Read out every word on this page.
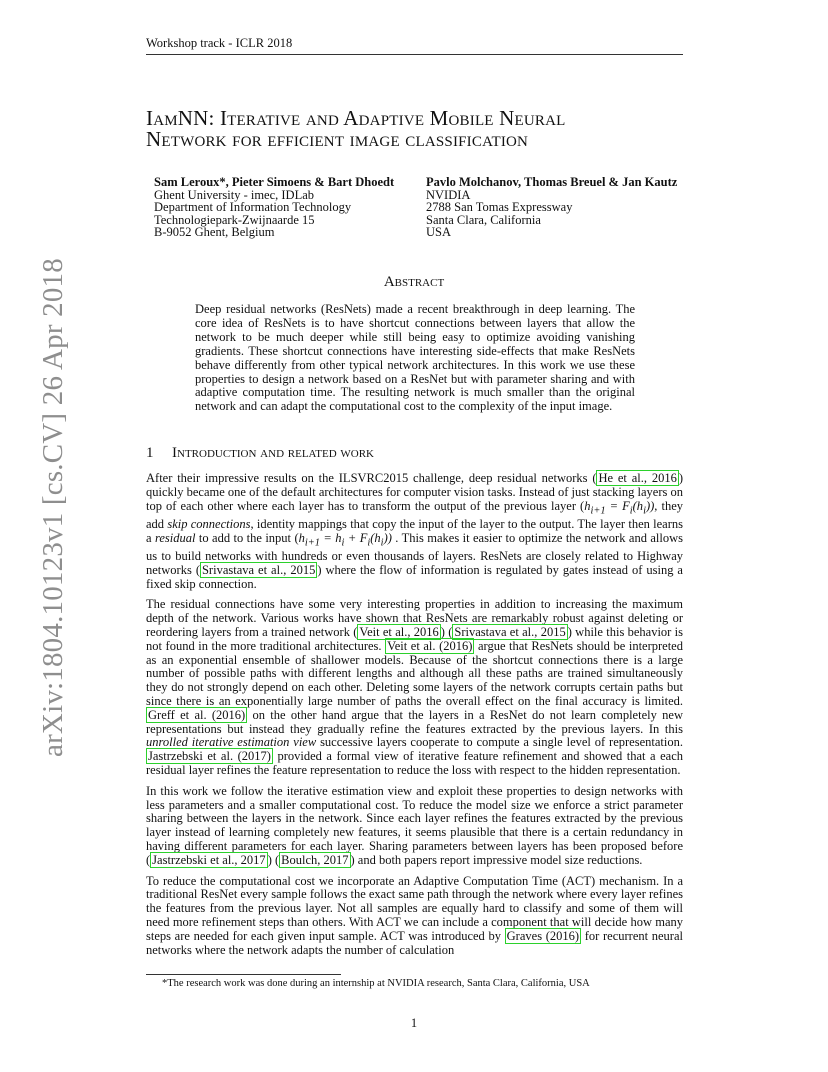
Workshop track - ICLR 2018
arXiv:1804.10123v1 [cs.CV] 26 Apr 2018
IamNN: Iterative and Adaptive Mobile Neural
Network for efficient image classification
Sam Leroux*, Pieter Simoens & Bart Dhoedt
Ghent University - imec, IDLab
Department of Information Technology
Technologiepark-Zwijnaarde 15
B-9052 Ghent, Belgium
Pavlo Molchanov, Thomas Breuel & Jan Kautz
NVIDIA
2788 San Tomas Expressway
Santa Clara, California
USA
Abstract
Deep residual networks (ResNets) made a recent breakthrough in deep learning. The core idea of ResNets is to have shortcut connections between layers that allow the network to be much deeper while still being easy to optimize avoiding vanishing gradients. These shortcut connections have interesting side-effects that make ResNets behave differently from other typical network architectures. In this work we use these properties to design a network based on a ResNet but with parameter sharing and with adaptive computation time. The resulting network is much smaller than the original network and can adapt the computational cost to the complexity of the input image.
1 Introduction and related work

After their impressive results on the ILSVRC2015 challenge, deep residual networks ( He et al., 2016 ) quickly became one of the default architectures for computer vision tasks. Instead of just stacking layers on top of each other where each layer has to transform the output of the previous layer $(h_{i+1} = F_i(h_i))$, they add skip connections, identity mappings that copy the input of the layer to the output. The layer then learns a residual to add to the input $(h_{i+1} = h_i + F_i(h_i))$ . This makes it easier to optimize the network and allows us to build networks with hundreds or even thousands of layers. ResNets are closely related to Highway networks ( Srivastava et al., 2015 ) where the flow of information is regulated by gates instead of using a fixed skip connection.

The residual connections have some very interesting properties in addition to increasing the maximum depth of the network. Various works have shown that ResNets are remarkably robust against deleting or reordering layers from a trained network ( Veit et al., 2016 ) ( Srivastava et al., 2015 ) while this behavior is not found in the more traditional architectures. Veit et al. (2016) argue that ResNets should be interpreted as an exponential ensemble of shallower models. Because of the shortcut connections there is a large number of possible paths with different lengths and although all these paths are trained simultaneously they do not strongly depend on each other. Deleting some layers of the network corrupts certain paths but since there is an exponentially large number of paths the overall effect on the final accuracy is limited. Greff et al. (2016) on the other hand argue that the layers in a ResNet do not learn completely new representations but instead they gradually refine the features extracted by the previous layers. In this unrolled iterative estimation view successive layers cooperate to compute a single level of representation. Jastrzebski et al. (2017) provided a formal view of iterative feature refinement and showed that a each residual layer refines the feature representation to reduce the loss with respect to the hidden representation.

In this work we follow the iterative estimation view and exploit these properties to design networks with less parameters and a smaller computational cost. To reduce the model size we enforce a strict parameter sharing between the layers in the network. Since each layer refines the features extracted by the previous layer instead of learning completely new features, it seems plausible that there is a certain redundancy in having different parameters for each layer. Sharing parameters between layers has been proposed before ( Jastrzebski et al., 2017 ) ( Boulch, 2017 ) and both papers report impressive model size reductions.

To reduce the computational cost we incorporate an Adaptive Computation Time (ACT) mechanism. In a traditional ResNet every sample follows the exact same path through the network where every layer refines the features from the previous layer. Not all samples are equally hard to classify and some of them will need more refinement steps than others. With ACT we can include a component that will decide how many steps are needed for each given input sample. ACT was introduced by Graves (2016) for recurrent neural networks where the network adapts the number of calculation

*The research work was done during an internship at NVIDIA research, Santa Clara, California, USA
1
